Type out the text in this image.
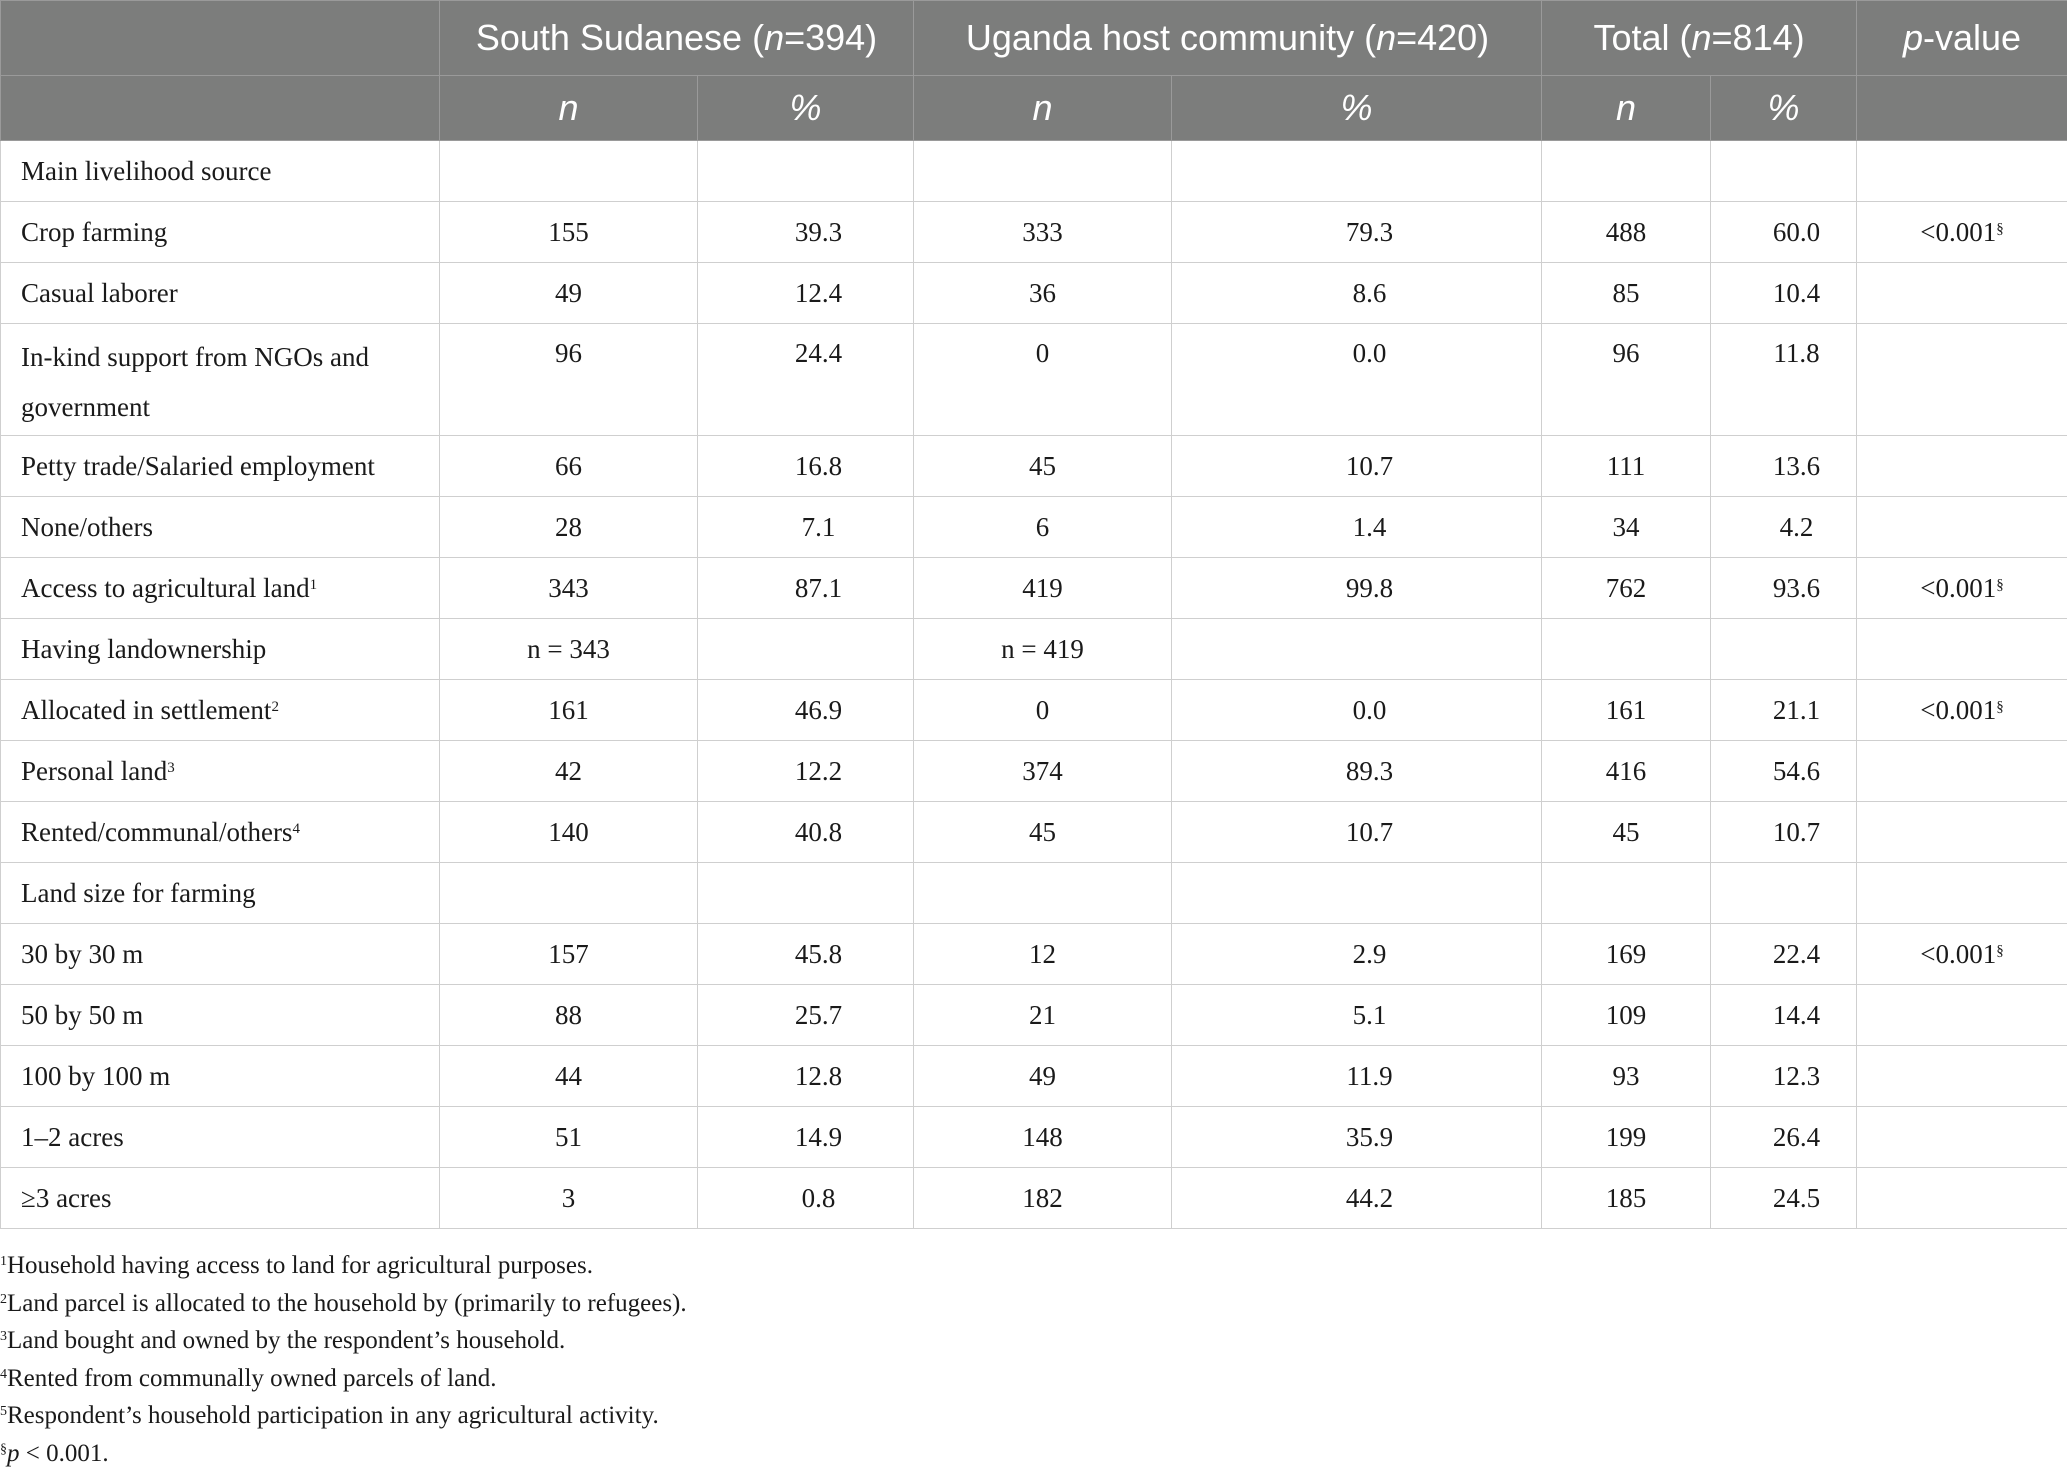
	South Sudanese (n=394)		Uganda host community (n=420)		Total (n=814)		p-value
	n	%	n	%	n	%	
Main livelihood source							
Crop farming	155	39.3	333	79.3	488	60.0	<0.001§
Casual laborer	49	12.4	36	8.6	85	10.4	
In-kind support from NGOs and government	96	24.4	0	0.0	96	11.8	
Petty trade/Salaried employment	66	16.8	45	10.7	111	13.6	
None/others	28	7.1	6	1.4	34	4.2	
Access to agricultural land$^1$	343	87.1	419	99.8	762	93.6	<0.001§
Having landownership	n = 343		n = 419				
Allocated in settlement$^2$	161	46.9	0	0.0	161	21.1	<0.001§
Personal land$^3$	42	12.2	374	89.3	416	54.6	
Rented/communal/others$^4$	140	40.8	45	10.7	45	10.7	
Land size for farming							
30 by 30 m	157	45.8	12	2.9	169	22.4	<0.001§
50 by 50 m	88	25.7	21	5.1	109	14.4	
100 by 100 m	44	12.8	49	11.9	93	12.3	
1–2 acres	51	14.9	148	35.9	199	26.4	
≥3 acres	3	0.8	182	44.2	185	24.5	
$^1$Household having access to land for agricultural purposes.
$^2$Land parcel is allocated to the household by (primarily to refugees).
$^3$Land bought and owned by the respondent’s household.
$^4$Rented from communally owned parcels of land.
$^5$Respondent’s household participation in any agricultural activity.
§p < 0.001.
